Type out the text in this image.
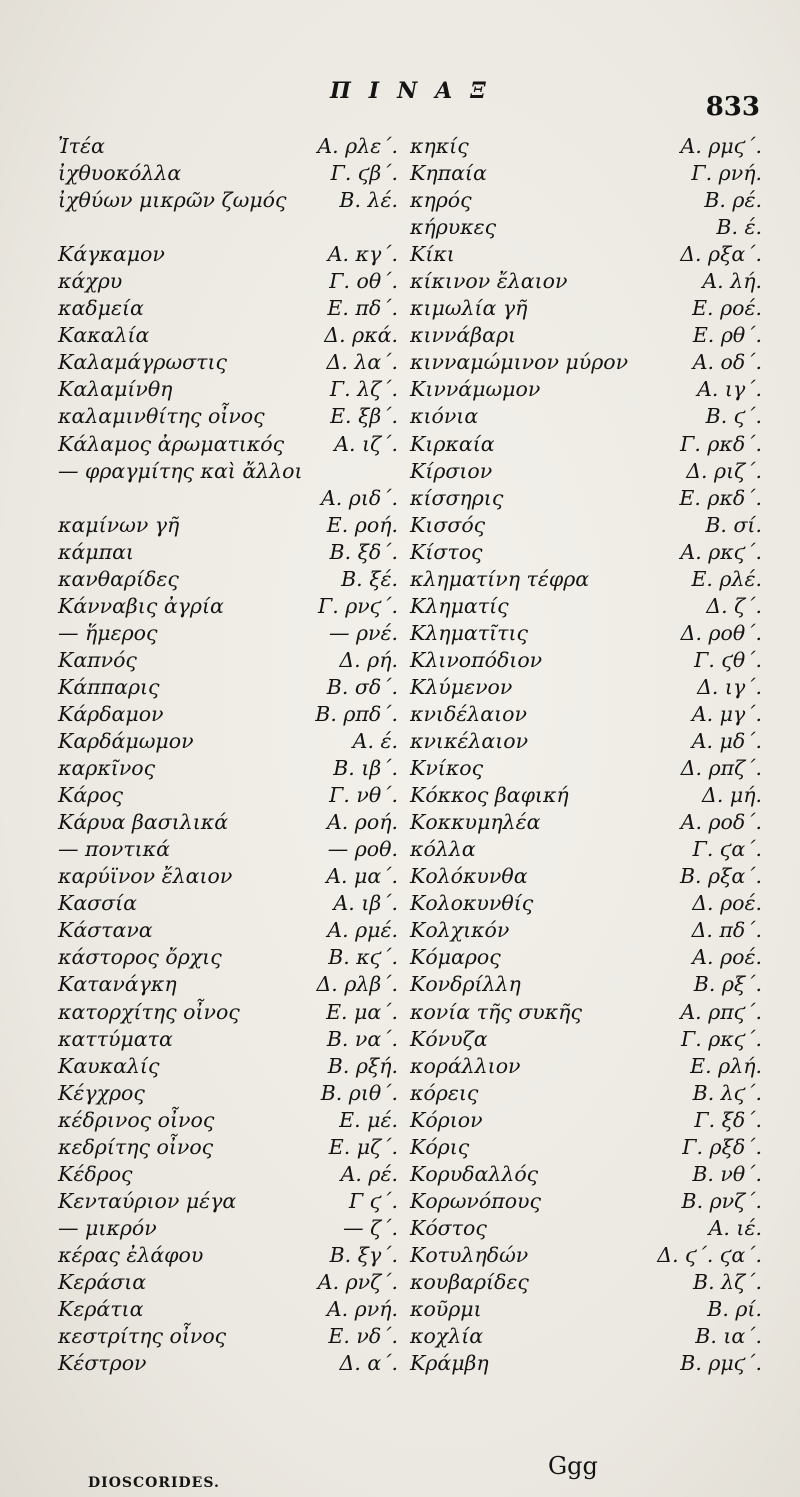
ΠΙΝΑΞ
833
Ἰτέα	Α. ρλε΄.
ἰχθυοκόλλα	Γ. ϛβ΄.
ἰχθύων μικρῶν ζωμός	Β. λέ.
Κάγκαμον	Α. κγ΄.
κάχρυ	Γ. οθ΄.
καδμεία	Ε. πδ΄.
Κακαλία	Δ. ρκά.
Καλαμάγρωστις	Δ. λα΄.
Καλαμίνθη	Γ. λζ΄.
καλαμινθίτης οἶνος	Ε. ξβ΄.
Κάλαμος ἀρωματικός Α. ιζ΄.
— φραγμίτης καὶ ἄλλοι
Α. ριδ΄.
καμίνων γῆ	Ε. ροή.
κάμπαι	Β. ξδ΄.
κανθαρίδες	Β. ξέ.
Κάνναβις ἀγρία	Γ. ρνϛ΄.
— ἥμερος	— ρνέ.
Καπνός	Δ. ρή.
Κάππαρις	Β. σδ΄.
Κάρδαμον	Β. ρπδ΄.
Καρδάμωμον	Α. έ.
καρκῖνος	Β. ιβ΄.
Κάρος	Γ. νθ΄.
Κάρυα βασιλικά	Α. ροή.
— ποντικά	— ροθ.
καρύϊνον ἔλαιον	Α. μα΄.
Κασσία	Α. ιβ΄.
Κάστανα	Α. ρμέ.
κάστορος ὄρχις	Β. κϛ΄.
Κατανάγκη	Δ. ρλβ΄.
κατορχίτης οἶνος	Ε. μα΄.
καττύματα	Β. να΄.
Καυκαλίς	Β. ρξή.
Κέγχρος	Β. ριθ΄.
κέδρινος οἶνος	Ε. μέ.
κεδρίτης οἶνος	Ε. μζ΄.
Κέδρος	Α. ρέ.
Κενταύριον μέγα	Γ ϛ΄.
— μικρόν	— ζ΄.
κέρας ἐλάφου	Β. ξγ΄.
Κεράσια	Α. ρνζ΄.
Κεράτια	Α. ρνή.
κεστρίτης οἶνος	Ε. νδ΄.
Κέστρον	Δ. α΄.
κηκίς	Α. ρμϛ΄.
Κηπαία	Γ. ρνή.
κηρός	Β. ρέ.
κήρυκες	Β. έ.
Κίκι	Δ. ρξα΄.
κίκινον ἔλαιον	Α. λή.
κιμωλία γῆ	Ε. ροέ.
κιννάβαρι	Ε. ρθ΄.
κινναμώμινον μύρον	Α. οδ΄.
Κιννάμωμον	Α. ιγ΄.
κιόνια	Β. ϛ΄.
Κιρκαία	Γ. ρκδ΄.
Κίρσιον	Δ. ριζ΄.
κίσσηρις	Ε. ρκδ΄.
Κισσός	Β. σί.
Κίστος	Α. ρκϛ΄.
κληματίνη τέφρα	Ε. ρλέ.
Κληματίς	Δ. ζ΄.
Κληματῖτις	Δ. ροθ΄.
Κλινοπόδιον	Γ. ϛθ΄.
Κλύμενον	Δ. ιγ΄.
κνιδέλαιον	Α. μγ΄.
κνικέλαιον	Α. μδ΄.
Κνίκος	Δ. ρπζ΄.
Κόκκος βαφική	Δ. μή.
Κοκκυμηλέα	Α. ροδ΄.
κόλλα	Γ. ϛα΄.
Κολόκυνθα	Β. ρξα΄.
Κολοκυνθίς	Δ. ροέ.
Κολχικόν	Δ. πδ΄.
Κόμαρος	Α. ροέ.
Κονδρίλλη	Β. ρξ΄.
κονία τῆς συκῆς	Α. ρπϛ΄.
Κόνυζα	Γ. ρκϛ΄.
κοράλλιον	Ε. ρλή.
κόρεις	Β. λϛ΄.
Κόριον	Γ. ξδ΄.
Κόρις	Γ. ρξδ΄.
Κορυδαλλός	Β. νθ΄.
Κορωνόπους	Β. ρνζ΄.
Κόστος	Α. ιέ.
Κοτυληδών	Δ. ϛ΄. ϛα΄.
κουβαρίδες	Β. λζ΄.
κοῦρμι	Β. ρί.
κοχλία	Β. ια΄.
Κράμβη	Β. ρμϛ΄.
DIOSCORIDES.
Ggg
